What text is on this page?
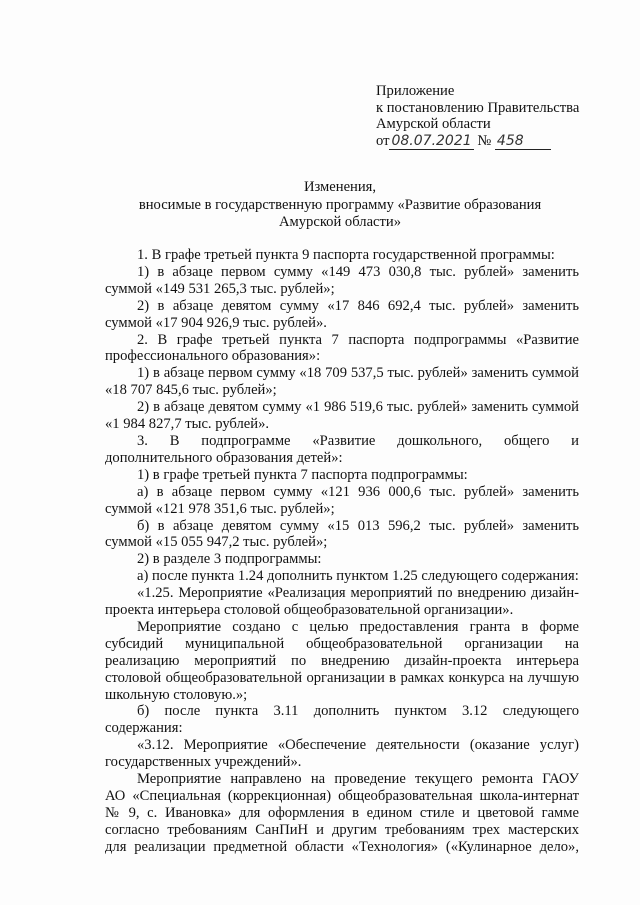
Приложение
к постановлению Правительства
Амурской области
от 08.07.2021 № 458
Изменения,
вносимые в государственную программу «Развитие образования
Амурской области»

1. В графе третьей пункта 9 паспорта государственной программы:

1) в абзаце первом сумму «149 473 030,8 тыс. рублей» заменить суммой «149 531 265,3 тыс. рублей»;

2) в абзаце девятом сумму «17 846 692,4 тыс. рублей» заменить суммой «17 904 926,9 тыс. рублей».

2. В графе третьей пункта 7 паспорта подпрограммы «Развитие профессионального образования»:

1) в абзаце первом сумму «18 709 537,5 тыс. рублей» заменить суммой «18 707 845,6 тыс. рублей»;

2) в абзаце девятом сумму «1 986 519,6 тыс. рублей» заменить суммой «1 984 827,7 тыс. рублей».

3. В подпрограмме «Развитие дошкольного, общего и дополнительного образования детей»:

1) в графе третьей пункта 7 паспорта подпрограммы:

а) в абзаце первом сумму «121 936 000,6 тыс. рублей» заменить суммой «121 978 351,6 тыс. рублей»;

б) в абзаце девятом сумму «15 013 596,2 тыс. рублей» заменить суммой «15 055 947,2 тыс. рублей»;

2) в разделе 3 подпрограммы:

а) после пункта 1.24 дополнить пунктом 1.25 следующего содержания:

«1.25. Мероприятие «Реализация мероприятий по внедрению дизайн-проекта интерьера столовой общеобразовательной организации».

Мероприятие создано с целью предоставления гранта в форме субсидий муниципальной общеобразовательной организации на реализацию мероприятий по внедрению дизайн-проекта интерьера столовой общеобразовательной организации в рамках конкурса на лучшую школьную столовую.»;

б) после пункта 3.11 дополнить пунктом 3.12 следующего содержания:

«3.12. Мероприятие «Обеспечение деятельности (оказание услуг) государственных учреждений».

Мероприятие направлено на проведение текущего ремонта ГАОУ АО «Специальная (коррекционная) общеобразовательная школа-интернат № 9, с. Ивановка» для оформления в едином стиле и цветовой гамме согласно требованиям СанПиН и другим требованиям трех мастерских для реализации предметной области «Технология» («Кулинарное дело»,
